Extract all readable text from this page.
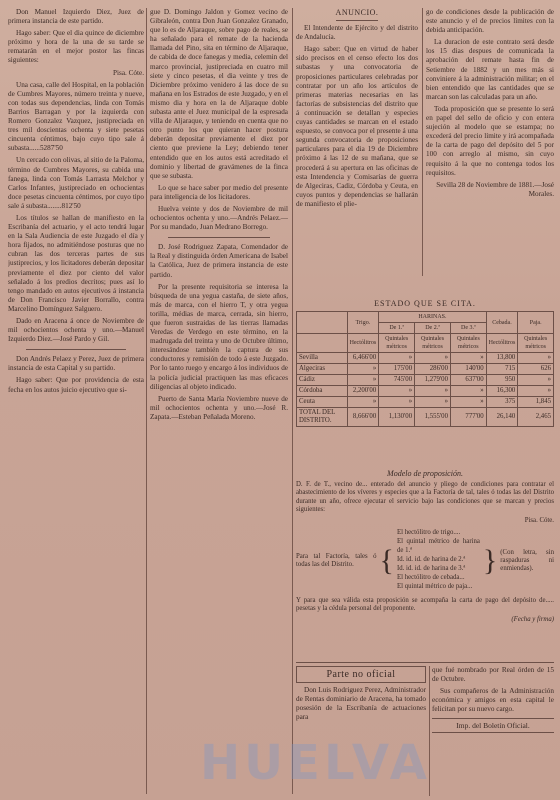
Don Manuel Izquierdo Diez, Juez de primera instancia de este partido.

Hago saber: Que el dia quince de diciembre próximo y hora de la una de su tarde se rematarán en el mejor postor las fincas siguientes:

Pisa. Cóte.

Una casa, calle del Hospital, en la población de Cumbres Mayores, número treinta y nueve, con todas sus dependencias, linda con Tomás Barrios Barragan y por la izquierda con Romero Gonzalez Vazquez, justipreciada en tres mil doscientas ochenta y siete pesetas cincuenta céntimos, bajo cuyo tipo sale á subasta......5287'50

Un cercado con olivas, al sitio de la Paloma, término de Cumbres Mayores, su cabida una fanega, linda con Tomás Larrasta Melchor y Carlos Infantes, justipreciado en ochocientas doce pesetas cincuenta céntimos, por cuyo tipo sale á subasta........812'50

Los títulos se hallan de manifiesto en la Escribanía del actuario, y el acto tendrá lugar en la Sala Audiencia de este Juzgado el día y hora fijados, no admitiéndose posturas que no cubran las dos terceras partes de sus justiprecios, y los licitadores deberán depositar previamente el diez por ciento del valor señalado á los predios decritos; pues así lo tengo mandado en autos ejecutivos á instancia de Don Francisco Javier Borrallo, contra Marcelino Domínguez Salguero.

Dado en Aracena á once de Noviembre de mil ochocientos ochenta y uno.—Manuel Izquierdo Diez.—José Pardo y Gil.

Don Andrés Pelaez y Perez, Juez de primera instancia de esta Capital y su partido.

Hago saber: Que por providencia de esta fecha en los autos juicio ejecutivo que si-

gue D. Domingo Jaldon y Gomez vecino de Gibraleón, contra Don Juan Gonzalez Granado, que lo es de Aljaraque, sobre pago de reales, se ha señalado para el remate de la hacienda llamada del Pino, sita en término de Aljaraque, de cabida de doce fanegas y media, celemin del marco provincial, justipreciada en cuatro mil siete y cinco pesetas, el dia veinte y tres de Diciembre próximo venidero á las doce de su mañana en los Estrados de este Juzgado, y en el mismo dia y hora en la de Aljaraque doble subasta ante el Juez municipal de la espresada villa de Aljaraque, y teniendo en cuenta que no otro punto los que quieran hacer postura deberán depositar previamente el diez por ciento que previene la Ley; debiendo tener entendido que en los autos está acreditado el dominio y libertad de gravámenes de la finca que se subasta.

Lo que se hace saber por medio del presente para inteligencia de los licitadores.

Huelva veinte y dos de Noviembre de mil ochocientos ochenta y uno.—Andrés Pelaez.—Por su mandado, Juan Medrano Borrego.

D. José Rodriguez Zapata, Comendador de la Real y distinguida órden Americana de Isabel la Católica, Juez de primera instancia de este partido.

Por la presente requisitoria se interesa la búsqueda de una yegua castaña, de siete años, más de marca, con el hierro T, y otra yegua torilla, médias de marca, cerrada, sin hierro, que fueron sustraidas de las tierras llamadas Veredas de Verdego en este término, en la madrugada del treinta y uno de Octubre último, interesándose también la captura de sus conductores y remisión de todo á este Juzgado. Por lo tanto ruego y encargo á los individuos de la policía judicial practiquen las mas eficaces diligencias al objeto indicado.

Puerto de Santa María Noviembre nueve de mil ochocientos ochenta y uno.—José R. Zapata.—Esteban Peñalada Moreno.

ANUNCIO.

El Intendente de Ejército y del distrito de Andalucía.

Hago saber: Que en virtud de haber sido precisos en el censo efecto los dos subastas y una convocatoria de proposiciones particulares celebradas por contratar por un año los artículos de primeras materias necesarias en las factorías de subsistencias del distrito que á continuación se detallan y especies cuyas cantidades se marcan en el estado espuesto, se convoca por el presente á una segunda convocatoria de proposiciones particulares para el dia 19 de Diciembre próximo á las 12 de su mañana, que se procederá á su apertura en las oficinas de esta Intendencia y Comisarías de guerra de Algeciras, Cadiz, Córdoba y Ceuta, en cuyos puntos y dependencias se hallarán de manifiesto el plie-

go de condiciones desde la publicación de este anuncio y el de precios límites con la debida anticipación.

La duracion de este contrato será desde los 15 dias despues de comunicada la aprobación del remate hasta fin de Setiembre de 1882 y un mes más si conviniere á la administración militar; en el bien entendido que las cantidades que se marcan son las calculadas para un año.

Toda proposición que se presente lo será en papel del sello de oficio y con entera sujeción al modelo que se estampa; no excederá del precio límite y irá acompañada de la carta de pago del depósito del 5 por 100 con arreglo al mismo, sin cuyo requisito á la que no contenga todos los requisitos.

Sevilla 28 de Noviembre de 1881.—José Morales.

ESTADO QUE SE CITA.
	Trigo.	HARINAS.			Cebada.	Paja.
		De 1.ª	De 2.ª	De 3.ª		
	Hectólitros	Quintales métricos	Quintales métricos	Quintales métricos	Hectólitros	Quintales métricos
Sevilla	6,466'00	»	»	»	13,800	»
Algeciras	»	175'00	286'00	140'00	715	626
Cádiz	»	745'00	1,279'00	637'00	950	»
Córdoba	2,200'00	»	»	»	16,300	»
Ceuta	»	»	»	»	375	1,845
TOTAL DEL DISTRITO.	8,666'00	1,130'00	1,555'00	777'00	26,140	2,465
Modelo de proposición.

D. F. de T., vecino de... enterado del anuncio y pliego de condiciones para contratar el abastecimiento de los víveres y especies que a la Factoría de tal, tales ó todas las del Distrito durante un año, ofrece ejecutar el servicio bajo las condiciones que se marcan y precios siguientes:

Pisa. Cóte.

Para tal Factoría, tales ó todas las del Distrito. {
El hectólitro de trigo....
El quintal métrico de harina de 1.ª
Id. id. id. de harina de 2.ª
Id. id. id. de harina de 3.ª
El hectólitro de cebada...
El quintal métrico de paja...
} (Con letra, sin raspaduras ni enmiendas).

Y para que sea válida esta proposición se acompaña la carta de pago del depósito de..... pesetas y la cédula personal del proponente.

(Fecha y firma)
Parte no oficial

Don Luis Rodriguez Perez, Administrador de Rentas dominiario de Aracena, ha tomado posesión de la Escribanía de actuaciones para

que fué nombrado por Real órden de 15 de Octubre.

Sus compañeros de la Administración económica y amigos en esta capital le felicitan por su nuevo cargo.

Imp. del Boletín Oficial.
HUELVA
